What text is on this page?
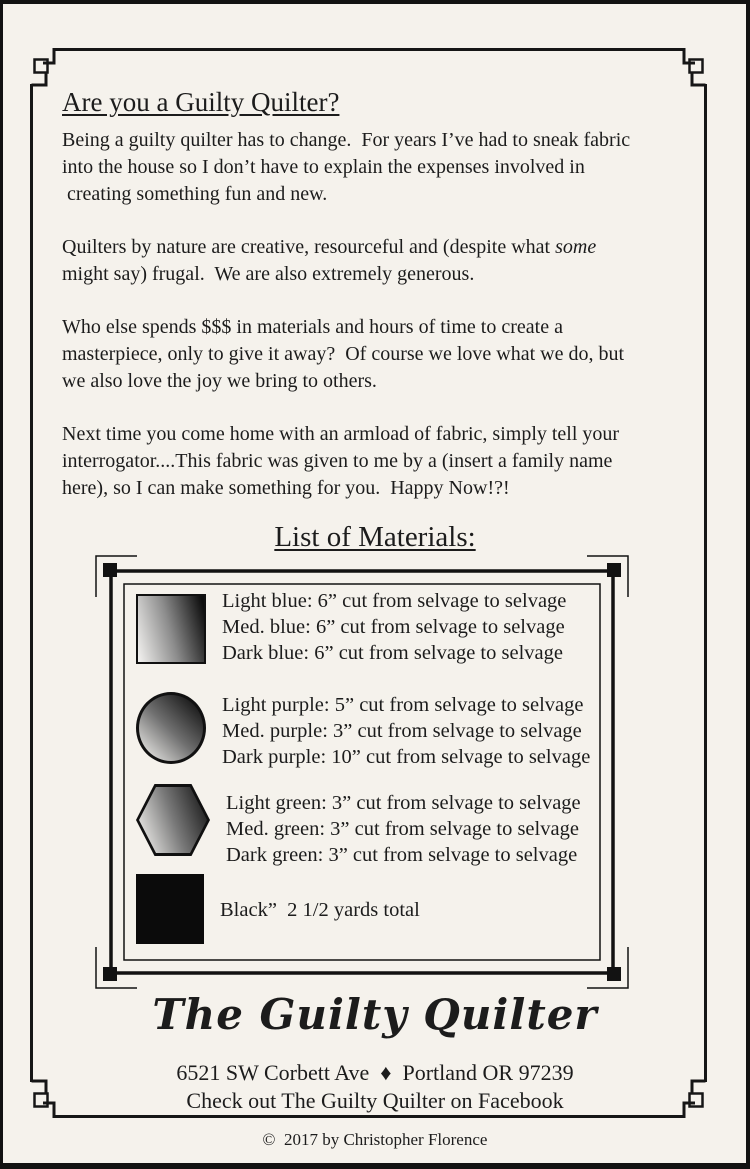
Are you a Guilty Quilter?
Being a guilty quilter has to change.  For years I’ve had to sneak fabric
into the house so I don’t have to explain the expenses involved in
creating something fun and new.
Quilters by nature are creative, resourceful and (despite what some
might say) frugal.  We are also extremely generous.
Who else spends $$$ in materials and hours of time to create a
masterpiece, only to give it away?  Of course we love what we do, but
we also love the joy we bring to others.
Next time you come home with an armload of fabric, simply tell your
interrogator....This fabric was given to me by a (insert a family name
here), so I can make something for you.  Happy Now!?!
List of Materials:
Light blue: 6” cut from selvage to selvage
Med. blue: 6” cut from selvage to selvage
Dark blue: 6” cut from selvage to selvage
Light purple: 5” cut from selvage to selvage
Med. purple: 3” cut from selvage to selvage
Dark purple: 10” cut from selvage to selvage
Light green: 3” cut from selvage to selvage
Med. green: 3” cut from selvage to selvage
Dark green: 3” cut from selvage to selvage
Black”  2 1/2 yards total
The Guilty Quilter
6521 SW Corbett Ave  ♦  Portland OR 97239
Check out The Guilty Quilter on Facebook
©  2017 by Christopher Florence
